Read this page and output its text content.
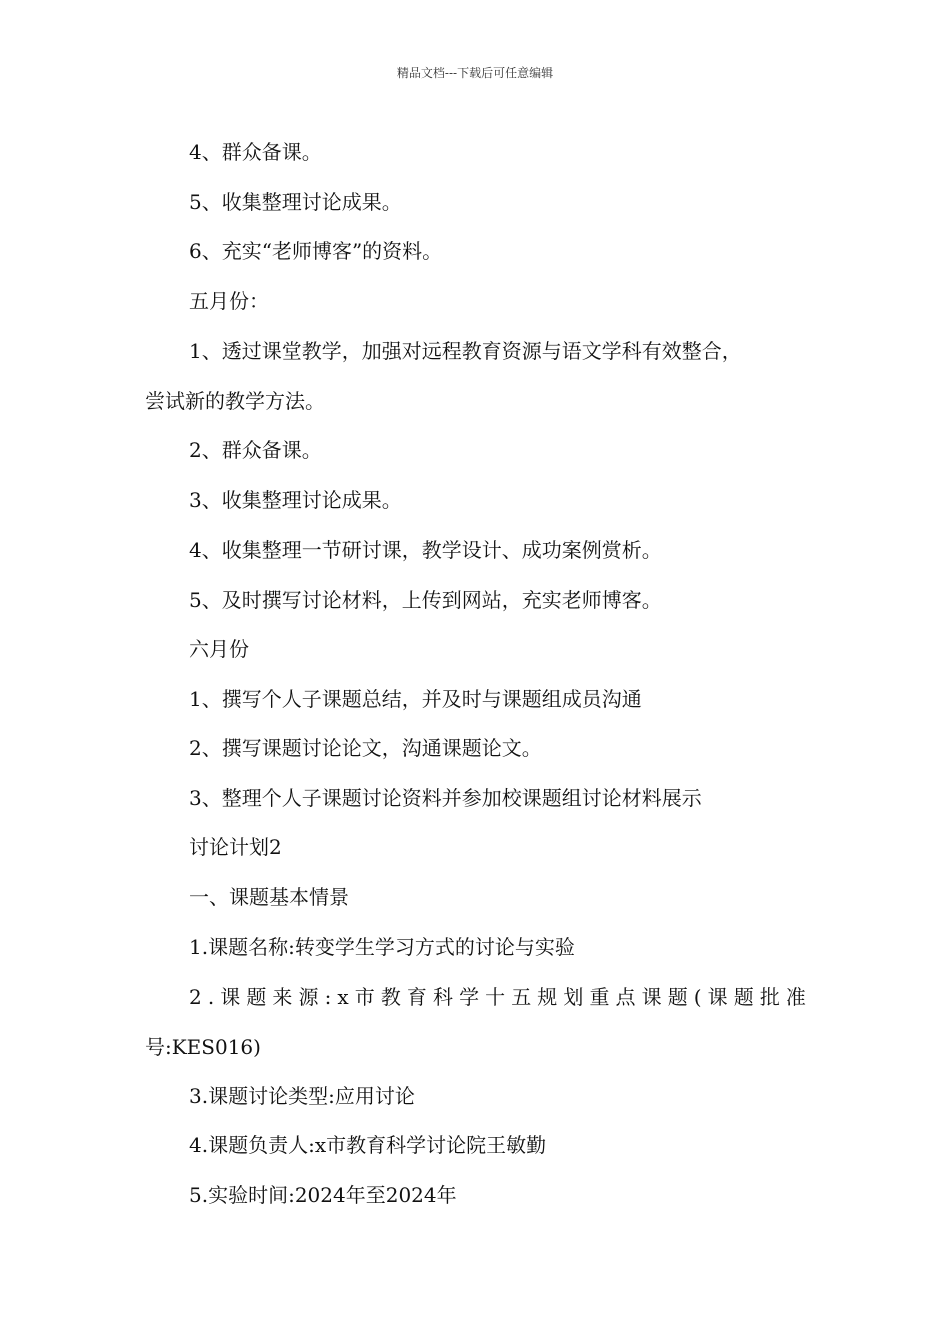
精品文档---下载后可任意编辑
4、群众备课。
5、收集整理讨论成果。
6、充实“老师博客”的资料。
五月份：
1、透过课堂教学，加强对远程教育资源与语文学科有效整合，
尝试新的教学方法。
2、群众备课。
3、收集整理讨论成果。
4、收集整理一节研讨课，教学设计、成功案例赏析。
5、及时撰写讨论材料，上传到网站，充实老师博客。
六月份
1、撰写个人子课题总结，并及时与课题组成员沟通
2、撰写课题讨论论文，沟通课题论文。
3、整理个人子课题讨论资料并参加校课题组讨论材料展示
讨论计划2
一、课题基本情景
1.课题名称:转变学生学习方式的讨论与实验
2 . 课 题 来 源 : x 市 教 育 科 学 十 五 规 划 重 点 课 题 ( 课 题 批 准
号:KES016)
3.课题讨论类型:应用讨论
4.课题负责人:x市教育科学讨论院王敏勤
5.实验时间:2024年至2024年
